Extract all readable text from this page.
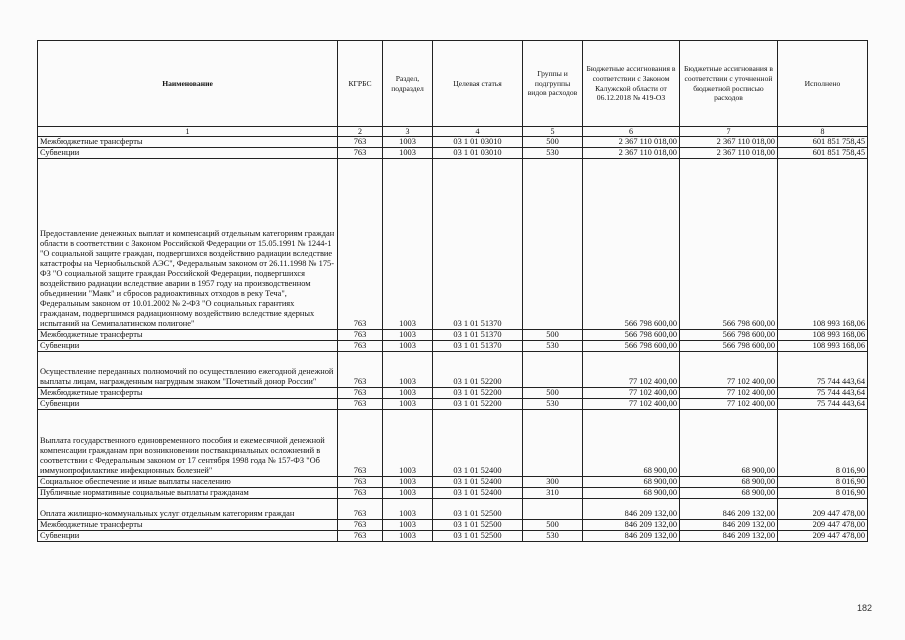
Наименование	КГРБС	Раздел, подраздел	Целевая статья	Группы и подгруппы видов расходов	Бюджетные ассигнования в соответствии с Законом Калужской области от 06.12.2018 № 419-ОЗ	Бюджетные ассигнования в соответствии с уточненной бюджетной росписью расходов	Исполнено
1	2	3	4	5	6	7	8
Межбюджетные трансферты	763	1003	03 1 01 03010	500	2 367 110 018,00	2 367 110 018,00	601 851 758,45
Субвенции	763	1003	03 1 01 03010	530	2 367 110 018,00	2 367 110 018,00	601 851 758,45
Предоставление денежных выплат и компенсаций отдельным категориям граждан области в соответствии с Законом Российской Федерации от 15.05.1991 № 1244-1 "О социальной защите граждан, подвергшихся воздействию радиации вследствие катастрофы на Чернобыльской АЭС", Федеральным законом от 26.11.1998 № 175-ФЗ "О социальной защите граждан Российской Федерации, подвергшихся воздействию радиации вследствие аварии в 1957 году на производственном объединении "Маяк" и сбросов радиоактивных отходов в реку Теча", Федеральным законом от 10.01.2002 № 2-ФЗ "О социальных гарантиях гражданам, подвергшимся радиационному воздействию вследствие ядерных испытаний на Семипалатинском полигоне"	763	1003	03 1 01 51370		566 798 600,00	566 798 600,00	108 993 168,06
Межбюджетные трансферты	763	1003	03 1 01 51370	500	566 798 600,00	566 798 600,00	108 993 168,06
Субвенции	763	1003	03 1 01 51370	530	566 798 600,00	566 798 600,00	108 993 168,06
Осуществление переданных полномочий по осуществлению ежегодной денежной выплаты лицам, награжденным нагрудным знаком "Почетный донор России"	763	1003	03 1 01 52200		77 102 400,00	77 102 400,00	75 744 443,64
Межбюджетные трансферты	763	1003	03 1 01 52200	500	77 102 400,00	77 102 400,00	75 744 443,64
Субвенции	763	1003	03 1 01 52200	530	77 102 400,00	77 102 400,00	75 744 443,64
Выплата государственного единовременного пособия и ежемесячной денежной компенсации гражданам при возникновении поствакцинальных осложнений в соответствии с Федеральным законом от 17 сентября 1998 года № 157-ФЗ "Об иммунопрофилактике инфекционных болезней"	763	1003	03 1 01 52400		68 900,00	68 900,00	8 016,90
Социальное обеспечение и иные выплаты населению	763	1003	03 1 01 52400	300	68 900,00	68 900,00	8 016,90
Публичные нормативные социальные выплаты гражданам	763	1003	03 1 01 52400	310	68 900,00	68 900,00	8 016,90
Оплата жилищно-коммунальных услуг отдельным категориям граждан	763	1003	03 1 01 52500		846 209 132,00	846 209 132,00	209 447 478,00
Межбюджетные трансферты	763	1003	03 1 01 52500	500	846 209 132,00	846 209 132,00	209 447 478,00
Субвенции	763	1003	03 1 01 52500	530	846 209 132,00	846 209 132,00	209 447 478,00
182
